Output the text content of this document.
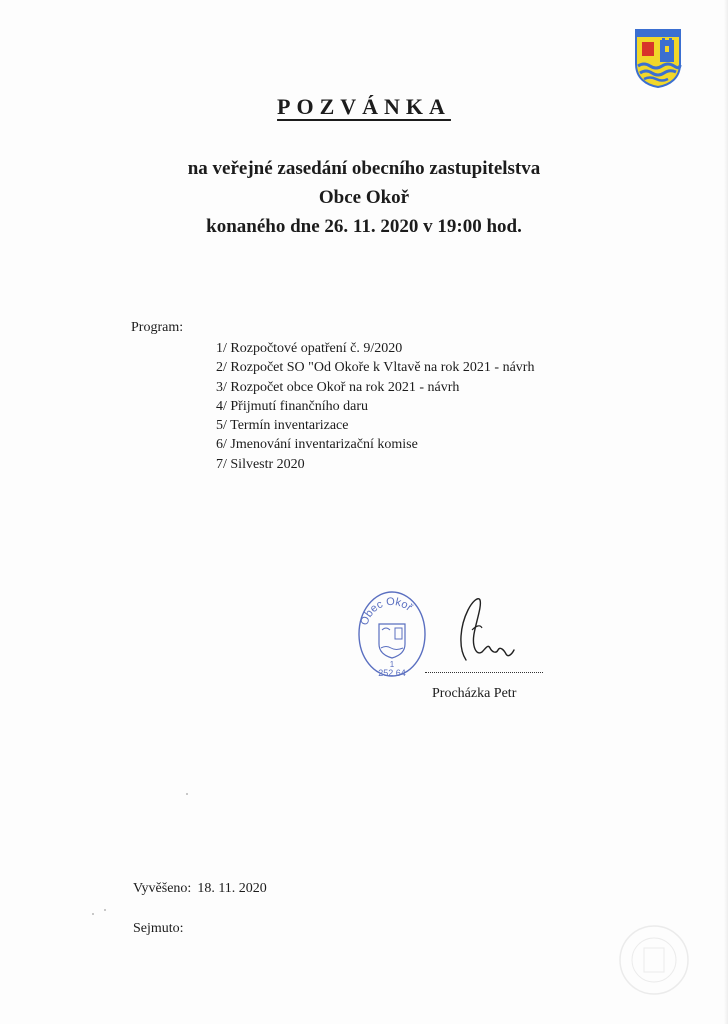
POZVÁNKA
na veřejné zasedání obecního zastupitelstva
Obce Okoř
konaného dne 26. 11. 2020 v 19:00 hod.
Program:
1/ Rozpočtové opatření č. 9/2020
2/ Rozpočet SO "Od Okoře k Vltavě na rok 2021 - návrh
3/ Rozpočet obce Okoř na rok 2021 - návrh
4/ Přijmutí finančního daru
5/ Termín inventarizace
6/ Jmenování inventarizační komise
7/ Silvestr 2020
Obec Okoř
1
252 64
Procházka Petr
Vyvěšeno: 18. 11. 2020
Sejmuto:
